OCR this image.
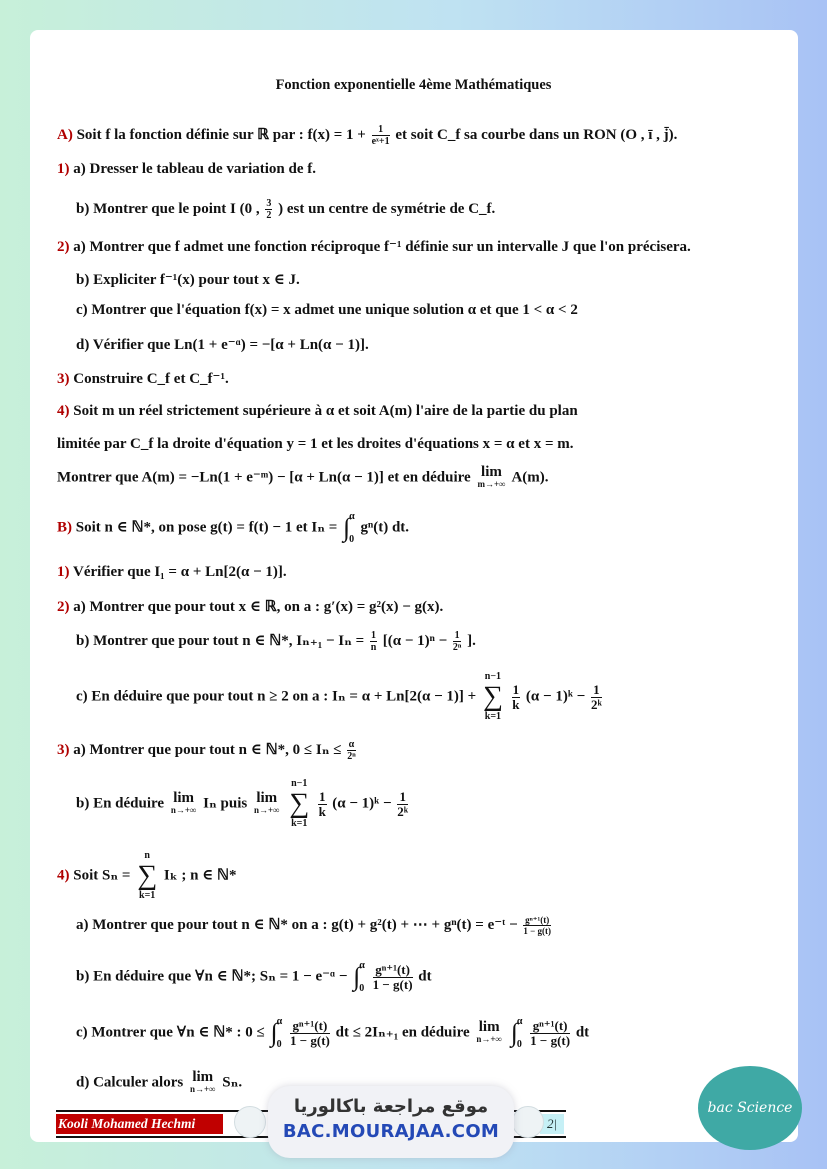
Fonction exponentielle 4ème Mathématiques
A) Soit f la fonction définie sur ℝ par : $f(x) = 1 + \frac{1}{\text{eˣ+1}}$ et soit C_f sa courbe dans un RON (O , ī , j̄).
1) a) Dresser le tableau de variation de f.
b) Montrer que le point I (0 , $\frac{3}{2}$ ) est un centre de symétrie de C_f.
2) a) Montrer que f admet une fonction réciproque f⁻¹ définie sur un intervalle J que l'on précisera.
b) Expliciter f⁻¹(x) pour tout x ∈ J.
c) Montrer que l'équation f(x) = x admet une unique solution α et que 1 < α < 2
d) Vérifier que Ln(1 + e⁻ᵅ) = −[α + Ln(α − 1)].
3) Construire C_f et C_f⁻¹.
4) Soit m un réel strictement supérieure à α et soit A(m) l'aire de la partie du plan
limitée par C_f la droite d'équation y = 1 et les droites d'équations x = α et x = m.
Montrer que A(m) = −Ln(1 + e⁻ᵐ) − [α + Ln(α − 1)] et en déduire lim
m→+∞ A(m).
B) Soit n ∈ ℕ*, on pose g(t) = f(t) − 1 et Iₙ = ∫ α
0
gⁿ(t) dt.
1) Vérifier que I₁ = α + Ln[2(α − 1)].
2) a) Montrer que pour tout x ∈ ℝ, on a : g′(x) = g²(x) − g(x).
b) Montrer que pour tout n ∈ ℕ*, $I_{n+1} - I_n = \frac{1}{n} [(\alpha - 1)^n - \frac{1}{\text{2ⁿ}}$ ].
c) En déduire que pour tout n ≥ 2 on a : Iₙ = α + Ln[2(α − 1)] +
n−1
∑
k=1

$\frac{1}{k} (\alpha$ − 1)ᵏ − $\frac{1}{\text{2ᵏ}}$
3) a) Montrer que pour tout n ∈ ℕ*, $0 \le I_n \le \frac{\alpha}{\text{2ⁿ}}$
b) En déduire lim
n→+∞ Iₙ puis lim
n→+∞

n−1
∑
k=1

$\frac{1}{k} (\alpha$ − 1)ᵏ − $\frac{1}{\text{2ᵏ}}$
4) Soit Sₙ =
n
∑
k=1
Iₖ ; n ∈ ℕ*
a) Montrer que pour tout n ∈ ℕ* on a : g(t) + g²(t) + ⋯ + gⁿ(t) = e⁻ᵗ − $\frac{\text{gⁿ⁺¹(t)}}{1 - g(t)}$
b) En déduire que ∀n ∈ ℕ*; Sₙ = 1 − e⁻ᵅ − ∫ α
0
$\frac{\text{gⁿ⁺¹(t)}}{1 - g(t)}$ dt
c) Montrer que ∀n ∈ ℕ* : 0 ≤ ∫ α
0
$\frac{\text{gⁿ⁺¹(t)}}{1 - g(t)}$ dt ≤ 2Iₙ₊₁ en déduire lim
n→+∞
∫ α
0
$\frac{\text{gⁿ⁺¹(t)}}{1 - g(t)}$ dt
d) Calculer alors lim
n→+∞ Sₙ.
Kooli Mohamed Hechmi	2|
موقع مراجعة باكالوريا
BAC.MOURAJAA.COM
bac Science
